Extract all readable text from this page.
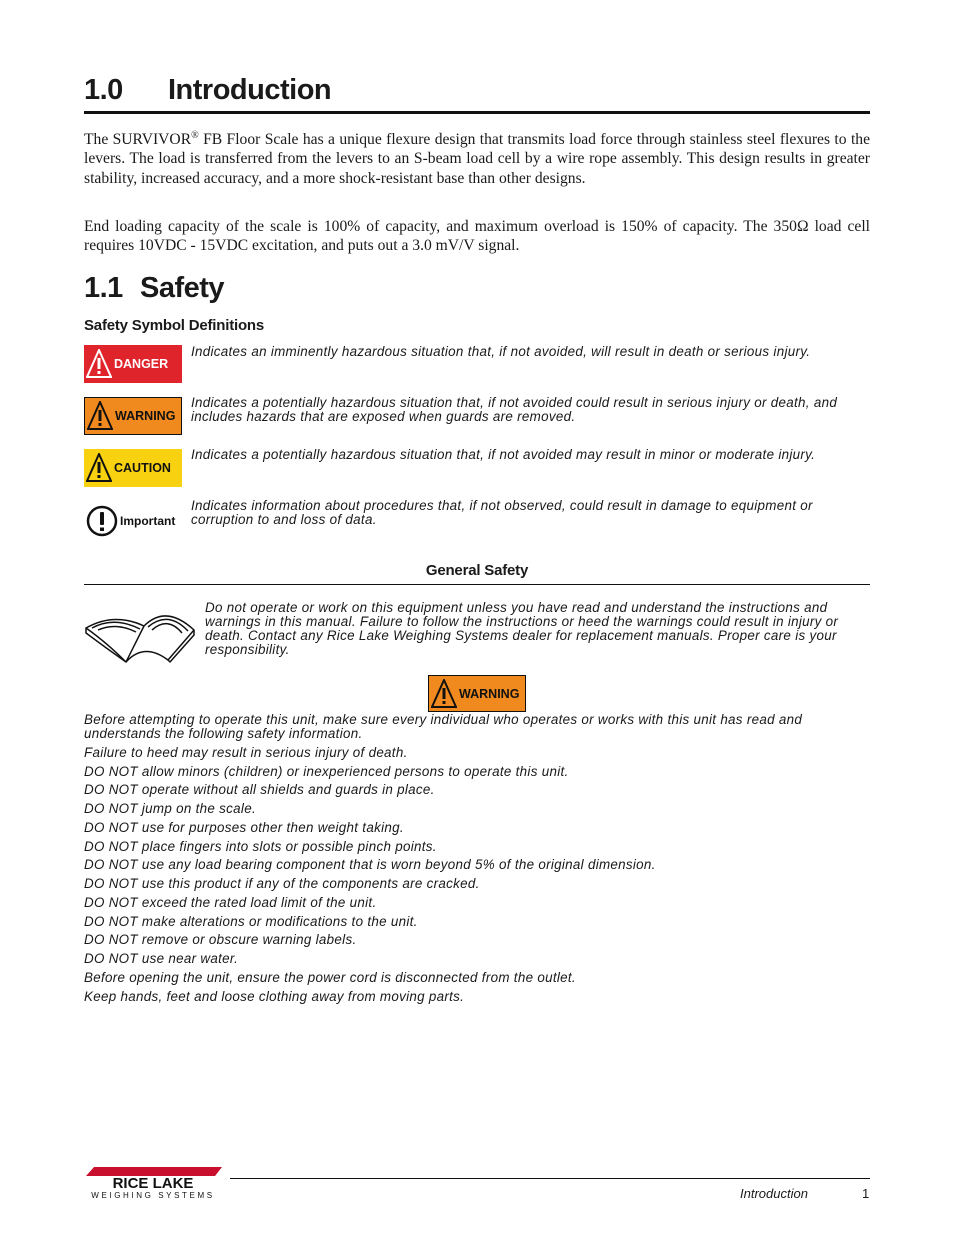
1.0 Introduction
The SURVIVOR® FB Floor Scale has a unique flexure design that transmits load force through stainless steel flexures to the levers. The load is transferred from the levers to an S-beam load cell by a wire rope assembly. This design results in greater stability, increased accuracy, and a more shock-resistant base than other designs.
End loading capacity of the scale is 100% of capacity, and maximum overload is 150% of capacity. The 350Ω load cell requires 10VDC - 15VDC excitation, and puts out a 3.0 mV/V signal.
1.1 Safety
Safety Symbol Definitions
DANGER
Indicates an imminently hazardous situation that, if not avoided, will result in death or serious injury.
WARNING
Indicates a potentially hazardous situation that, if not avoided could result in serious injury or death, and includes hazards that are exposed when guards are removed.
CAUTION
Indicates a potentially hazardous situation that, if not avoided may result in minor or moderate injury.
Important
Indicates information about procedures that, if not observed, could result in damage to equipment or corruption to and loss of data.
General Safety
Do not operate or work on this equipment unless you have read and understand the instructions and warnings in this manual. Failure to follow the instructions or heed the warnings could result in injury or death. Contact any Rice Lake Weighing Systems dealer for replacement manuals. Proper care is your responsibility.
WARNING
Before attempting to operate this unit, make sure every individual who operates or works with this unit has read and understands the following safety information.
Failure to heed may result in serious injury of death.
DO NOT allow minors (children) or inexperienced persons to operate this unit.
DO NOT operate without all shields and guards in place.
DO NOT jump on the scale.
DO NOT use for purposes other then weight taking.
DO NOT place fingers into slots or possible pinch points.
DO NOT use any load bearing component that is worn beyond 5% of the original dimension.
DO NOT use this product if any of the components are cracked.
DO NOT exceed the rated load limit of the unit.
DO NOT make alterations or modifications to the unit.
DO NOT remove or obscure warning labels.
DO NOT use near water.
Before opening the unit, ensure the power cord is disconnected from the outlet.
Keep hands, feet and loose clothing away from moving parts.
RICE LAKE
WEIGHING SYSTEMS	Introduction	1
